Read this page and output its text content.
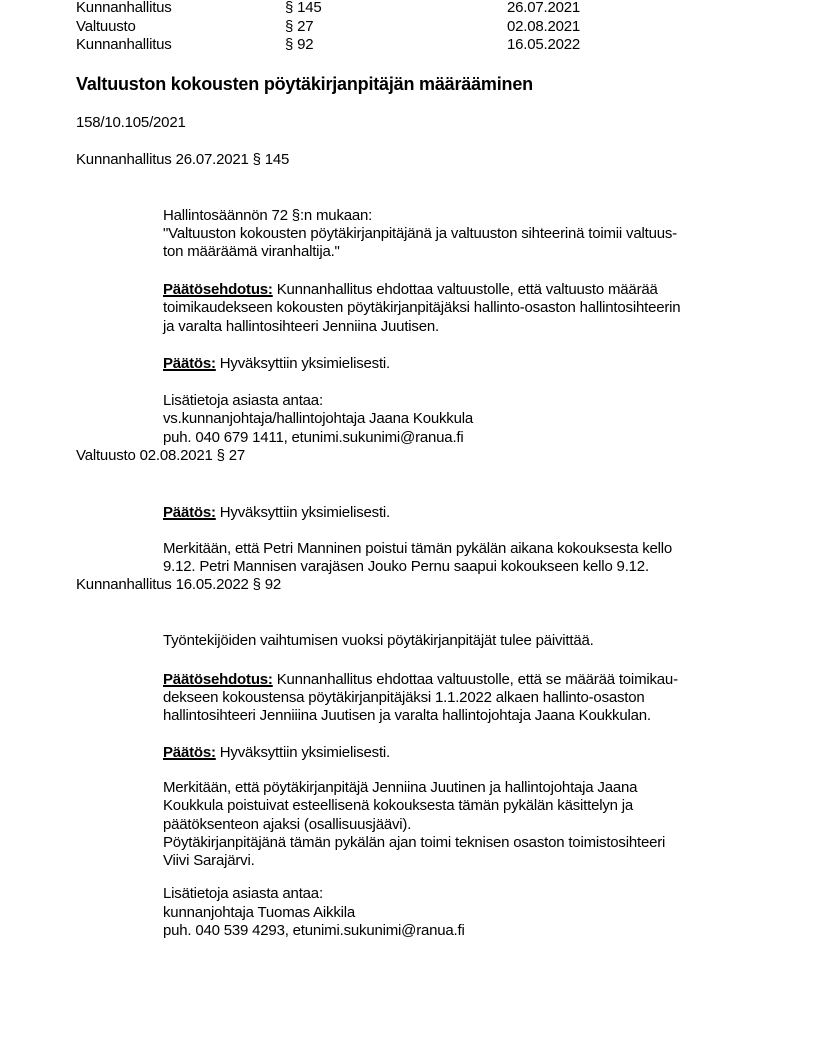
Valtuuston kokousten pöytäkirjanpitäjän määrääminen
Kunnanhallitus	§ 145	26.07.2021
Valtuusto	§ 27	02.08.2021
Kunnanhallitus	§ 92	16.05.2022
158/10.105/2021
Kunnanhallitus 26.07.2021 § 145
Hallintosäännön 72 §:n mukaan:
"Valtuuston kokousten pöytäkirjanpitäjänä ja valtuuston sihteerinä toimii valtuus-
ton määräämä viranhaltija."
Päätösehdotus: Kunnanhallitus ehdottaa valtuustolle, että valtuusto määrää
toimikaudekseen kokousten pöytäkirjanpitäjäksi hallinto-osaston hallintosihteerin
ja varalta hallintosihteeri Jenniina Juutisen.
Päätös: Hyväksyttiin yksimielisesti.
Lisätietoja asiasta antaa:
vs.kunnanjohtaja/hallintojohtaja Jaana Koukkula
puh. 040 679 1411, etunimi.sukunimi@ranua.fi
Valtuusto 02.08.2021 § 27
Päätös: Hyväksyttiin yksimielisesti.
Merkitään, että Petri Manninen poistui tämän pykälän aikana kokouksesta kello
9.12. Petri Mannisen varajäsen Jouko Pernu saapui kokoukseen kello 9.12.
Kunnanhallitus 16.05.2022 § 92
Työntekijöiden vaihtumisen vuoksi pöytäkirjanpitäjät tulee päivittää.
Päätösehdotus: Kunnanhallitus ehdottaa valtuustolle, että se määrää toimikau-
dekseen kokoustensa pöytäkirjanpitäjäksi 1.1.2022 alkaen hallinto-osaston
hallintosihteeri Jenniiina Juutisen ja varalta hallintojohtaja Jaana Koukkulan.
Päätös: Hyväksyttiin yksimielisesti.
Merkitään, että pöytäkirjanpitäjä Jenniina Juutinen ja hallintojohtaja Jaana
Koukkula poistuivat esteellisenä kokouksesta tämän pykälän käsittelyn ja
päätöksenteon ajaksi (osallisuusjäävi).
Pöytäkirjanpitäjänä tämän pykälän ajan toimi teknisen osaston toimistosihteeri
Viivi Sarajärvi.
Lisätietoja asiasta antaa:
kunnanjohtaja Tuomas Aikkila
puh. 040 539 4293, etunimi.sukunimi@ranua.fi
